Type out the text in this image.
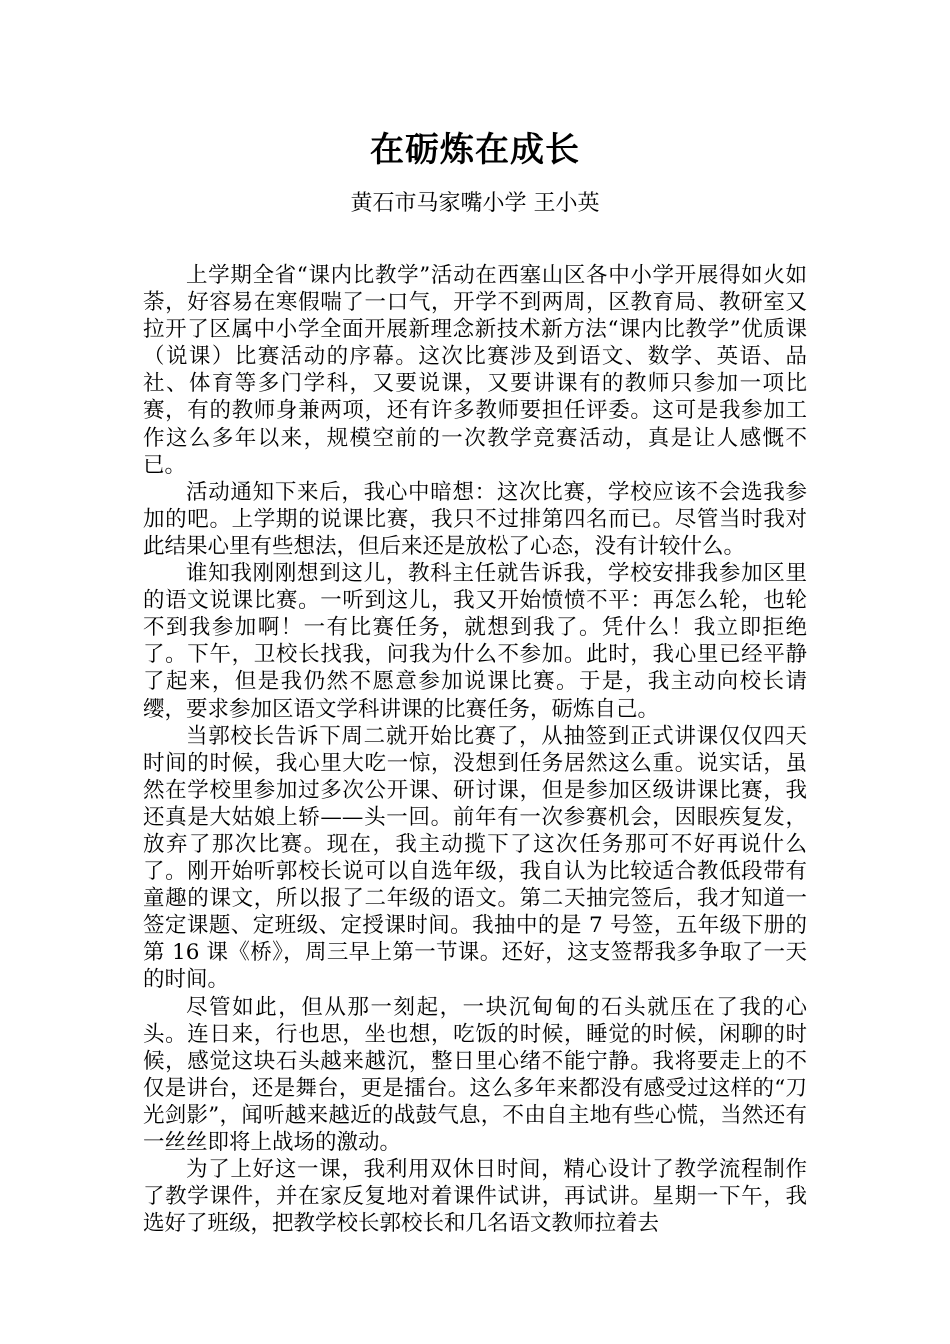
在砺炼在成长
黄石市马家嘴小学 王小英

上学期全省“课内比教学”活动在西塞山区各中小学开展得如火如荼，好容易在寒假喘了一口气，开学不到两周，区教育局、教研室又拉开了区属中小学全面开展新理念新技术新方法“课内比教学”优质课（说课）比赛活动的序幕。这次比赛涉及到语文、数学、英语、品社、体育等多门学科，又要说课，又要讲课有的教师只参加一项比赛，有的教师身兼两项，还有许多教师要担任评委。这可是我参加工作这么多年以来，规模空前的一次教学竞赛活动，真是让人感慨不已。

活动通知下来后，我心中暗想：这次比赛，学校应该不会选我参加的吧。上学期的说课比赛，我只不过排第四名而已。尽管当时我对此结果心里有些想法，但后来还是放松了心态，没有计较什么。

谁知我刚刚想到这儿，教科主任就告诉我，学校安排我参加区里的语文说课比赛。一听到这儿，我又开始愤愤不平：再怎么轮，也轮不到我参加啊！一有比赛任务，就想到我了。凭什么！我立即拒绝了。下午，卫校长找我，问我为什么不参加。此时，我心里已经平静了起来，但是我仍然不愿意参加说课比赛。于是，我主动向校长请缨，要求参加区语文学科讲课的比赛任务，砺炼自己。

当郭校长告诉下周二就开始比赛了，从抽签到正式讲课仅仅四天时间的时候，我心里大吃一惊，没想到任务居然这么重。说实话，虽然在学校里参加过多次公开课、研讨课，但是参加区级讲课比赛，我还真是大姑娘上轿——头一回。前年有一次参赛机会，因眼疾复发，放弃了那次比赛。现在，我主动揽下了这次任务那可不好再说什么了。刚开始听郭校长说可以自选年级，我自认为比较适合教低段带有童趣的课文，所以报了二年级的语文。第二天抽完签后，我才知道一签定课题、定班级、定授课时间。我抽中的是 7 号签，五年级下册的第 16 课《桥》，周三早上第一节课。还好，这支签帮我多争取了一天的时间。

尽管如此，但从那一刻起，一块沉甸甸的石头就压在了我的心头。连日来，行也思，坐也想，吃饭的时候，睡觉的时候，闲聊的时候，感觉这块石头越来越沉，整日里心绪不能宁静。我将要走上的不仅是讲台，还是舞台，更是擂台。这么多年来都没有感受过这样的“刀光剑影”，闻听越来越近的战鼓气息，不由自主地有些心慌，当然还有一丝丝即将上战场的激动。

为了上好这一课，我利用双休日时间，精心设计了教学流程制作了教学课件，并在家反复地对着课件试讲，再试讲。星期一下午，我选好了班级，把教学校长郭校长和几名语文教师拉着去
